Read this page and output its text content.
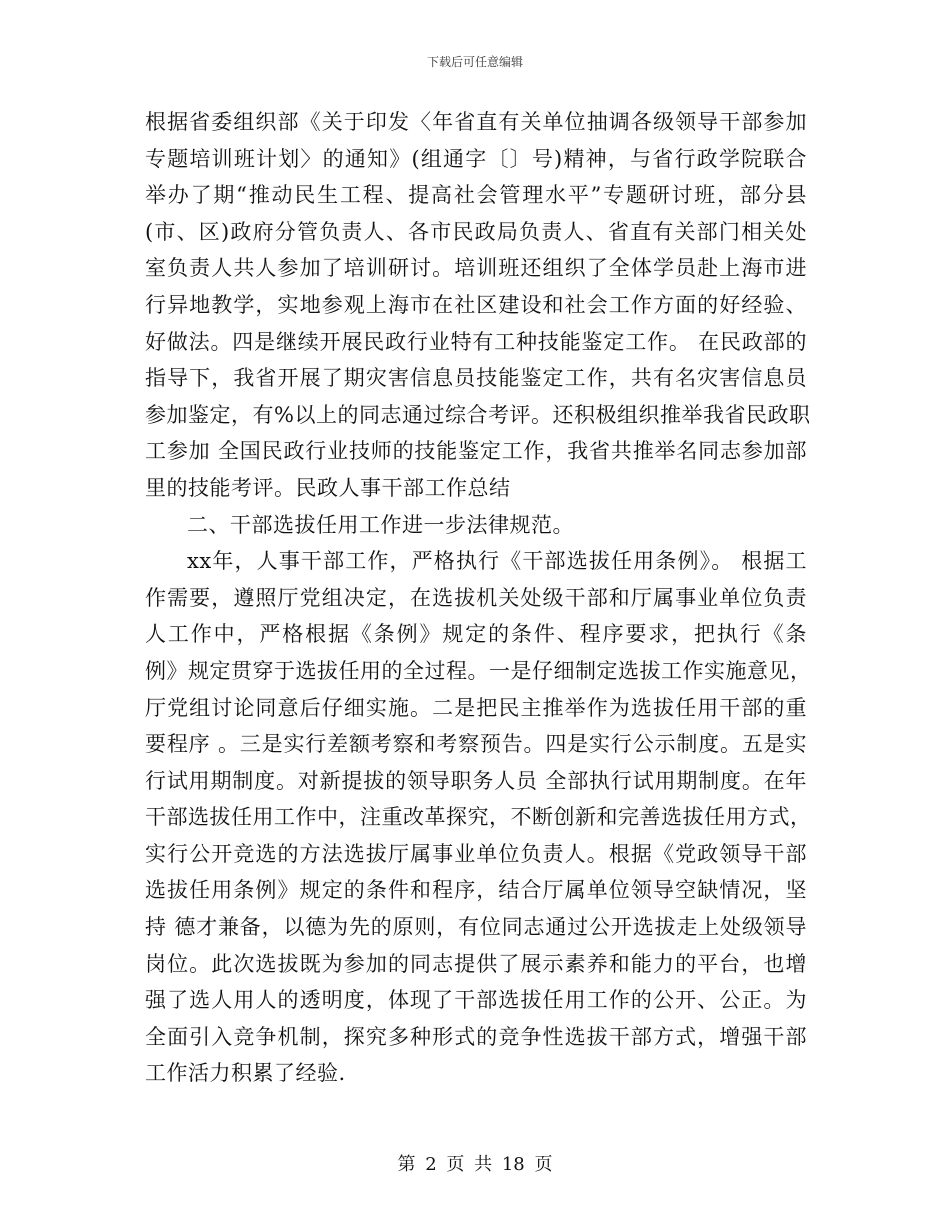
下载后可任意编辑
根据省委组织部《关于印发〈年省直有关单位抽调各级领导干部参加
专题培训班计划〉的通知》(组通字〔〕号)精神，与省行政学院联合
举办了期“推动民生工程、提高社会管理水平”专题研讨班，部分县
(市、区)政府分管负责人、各市民政局负责人、省直有关部门相关处
室负责人共人参加了培训研讨。培训班还组织了全体学员赴上海市进
行异地教学，实地参观上海市在社区建设和社会工作方面的好经验、
好做法。四是继续开展民政行业特有工种技能鉴定工作。 在民政部的
指导下，我省开展了期灾害信息员技能鉴定工作，共有名灾害信息员
参加鉴定，有%以上的同志通过综合考评。还积极组织推举我省民政职
工参加 全国民政行业技师的技能鉴定工作，我省共推举名同志参加部
里的技能考评。民政人事干部工作总结
二、干部选拔任用工作进一步法律规范。
xx年，人事干部工作，严格执行《干部选拔任用条例》。 根据工
作需要，遵照厅党组决定，在选拔机关处级干部和厅属事业单位负责
人工作中，严格根据《条例》规定的条件、程序要求，把执行《条
例》规定贯穿于选拔任用的全过程。一是仔细制定选拔工作实施意见，
厅党组讨论同意后仔细实施。二是把民主推举作为选拔任用干部的重
要程序 。三是实行差额考察和考察预告。四是实行公示制度。五是实
行试用期制度。对新提拔的领导职务人员 全部执行试用期制度。在年
干部选拔任用工作中，注重改革探究，不断创新和完善选拔任用方式，
实行公开竞选的方法选拔厅属事业单位负责人。根据《党政领导干部
选拔任用条例》规定的条件和程序，结合厅属单位领导空缺情况，坚
持 德才兼备，以德为先的原则，有位同志通过公开选拔走上处级领导
岗位。此次选拔既为参加的同志提供了展示素养和能力的平台，也增
强了选人用人的透明度，体现了干部选拔任用工作的公开、公正。为
全面引入竞争机制，探究多种形式的竞争性选拔干部方式，增强干部
工作活力积累了经验.
第 2 页 共 18 页
